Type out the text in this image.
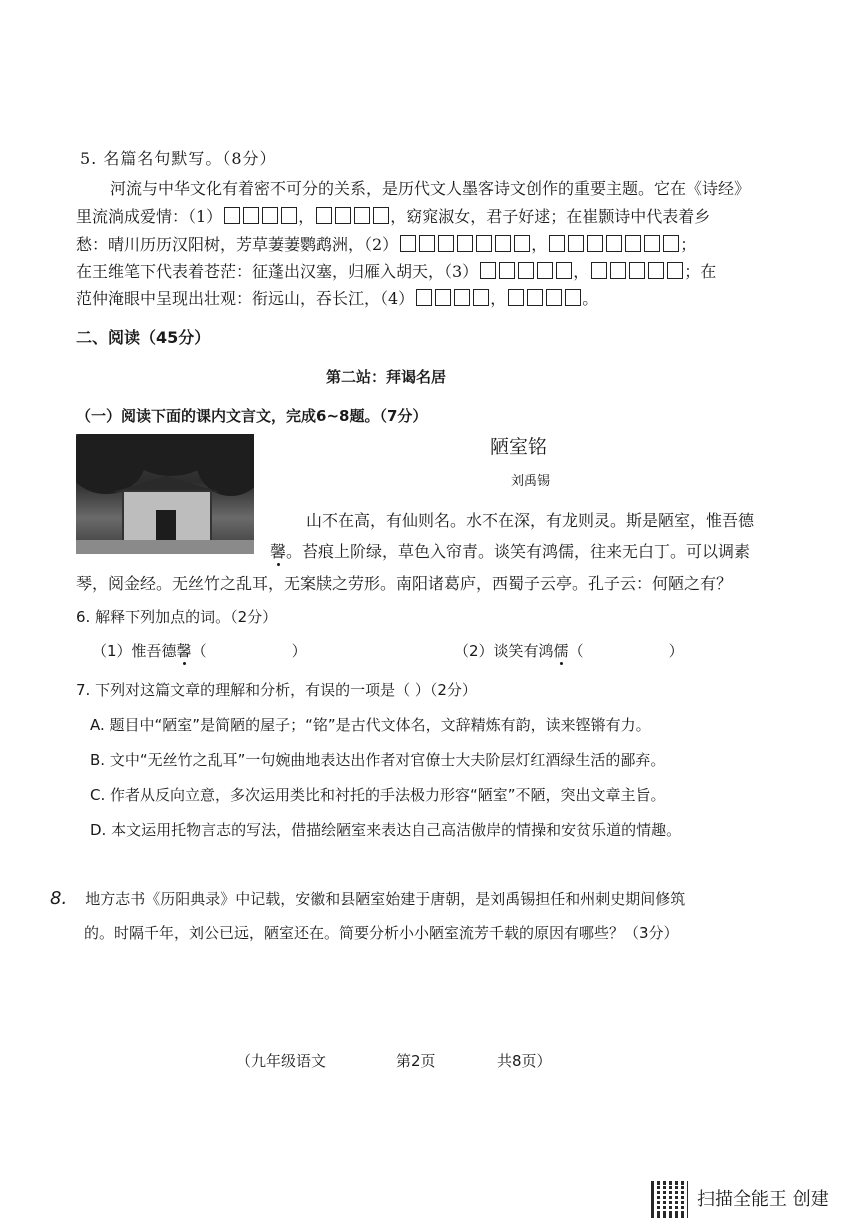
5. 名篇名句默写。（8分）
河流与中华文化有着密不可分的关系，是历代文人墨客诗文创作的重要主题。它在《诗经》
里流淌成爱情：（1）	，	，窈窕淑女，君子好逑；在崔颢诗中代表着乡
愁：晴川历历汉阳树，芳草萋萋鹦鹉洲，（2）	，	；
在王维笔下代表着苍茫：征蓬出汉塞，归雁入胡天，（3）	，	；在
范仲淹眼中呈现出壮观：衔远山，吞长江，（4）	，	。
二、阅读（45分）
第二站：拜谒名居
（一）阅读下面的课内文言文，完成6~8题。（7分）
陋室铭
刘禹锡
山不在高，有仙则名。水不在深，有龙则灵。斯是陋室，惟吾德
馨。苔痕上阶绿，草色入帘青。谈笑有鸿儒，往来无白丁。可以调素
琴，阅金经。无丝竹之乱耳，无案牍之劳形。南阳诸葛庐，西蜀子云亭。孔子云：何陋之有？
6. 解释下列加点的词。（2分）
（1）惟吾德馨（	）	（2）谈笑有鸿儒（	）
7. 下列对这篇文章的理解和分析，有误的一项是（ ）（2分）
A. 题目中“陋室”是简陋的屋子；“铭”是古代文体名，文辞精炼有韵，读来铿锵有力。
B. 文中“无丝竹之乱耳”一句婉曲地表达出作者对官僚士大夫阶层灯红酒绿生活的鄙弃。
C. 作者从反向立意，多次运用类比和衬托的手法极力形容“陋室”不陋，突出文章主旨。
D. 本文运用托物言志的写法，借描绘陋室来表达自己高洁傲岸的情操和安贫乐道的情趣。
8. 地方志书《历阳典录》中记载，安徽和县陋室始建于唐朝，是刘禹锡担任和州刺史期间修筑
的。时隔千年，刘公已远，陋室还在。简要分析小小陋室流芳千载的原因有哪些？（3分）
（九年级语文	第2页	共8页）
扫描全能王 创建
